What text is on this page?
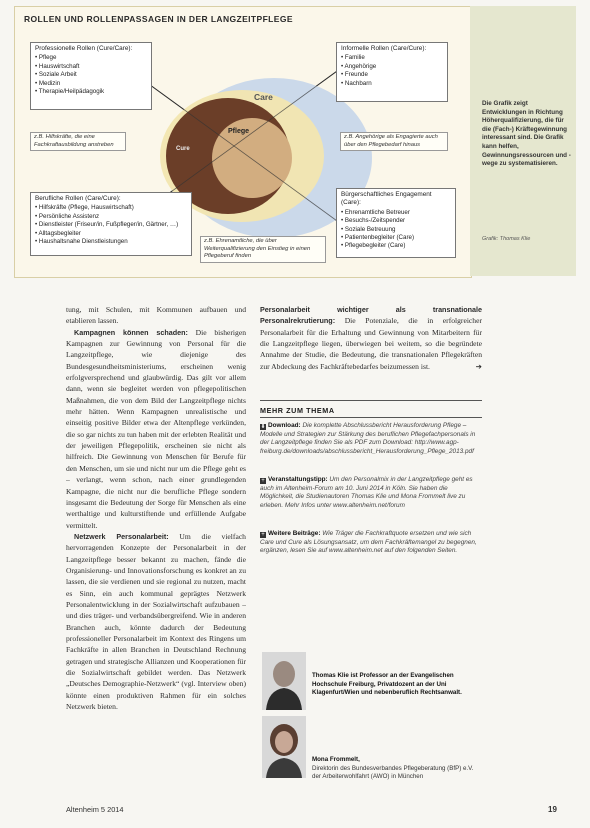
ROLLEN UND ROLLENPASSAGEN IN DER LANGZEITPFLEGE
Care
Pflege
Cure
Professionelle Rollen (Cure/Care):
• Pflege
• Hauswirtschaft
• Soziale Arbeit
• Medizin
• Therapie/Heilpädagogik
Informelle Rollen (Care/Cure):
• Familie
• Angehörige
• Freunde
• Nachbarn
Berufliche Rollen (Care/Cure):
• Hilfskräfte (Pflege, Hauswirtschaft)
• Persönliche Assistenz
• Dienstleister (Friseur/in, Fußpfleger/in, Gärtner, …)
• Alltagsbegleiter
• Haushaltsnahe Dienstleistungen
Bürgerschaftliches Engagement (Care):
• Ehrenamtliche Betreuer
• Besuchs-/Zeitspender
• Soziale Betreuung
• Patientenbegleiter (Care)
• Pflegebegleiter (Care)
z.B. Hilfskräfte, die eine Fachkraftausbildung anstreben
z.B. Angehörige als Engagierte auch über den Pflegebedarf hinaus
z.B. Ehrenamtliche, die über Weiterqualifizierung den Einstieg in einen Pflegeberuf finden
Die Grafik zeigt Entwicklungen in Richtung Höherqualifizierung, die für die (Fach-) Kräftegewinnung interessant sind. Die Grafik kann helfen, Gewinnungsressourcen und -wege zu systematisieren.
Grafik: Thomas Klie

tung, mit Schulen, mit Kommunen aufbauen und etablieren lassen.

Kampagnen können schaden: Die bisherigen Kampagnen zur Gewinnung von Personal für die Langzeitpflege, wie diejenige des Bundesgesundheitsministeriums, erscheinen wenig erfolgversprechend und glaubwürdig. Das gilt vor allem dann, wenn sie begleitet werden von pflegepolitischen Maßnahmen, die von dem Bild der Langzeitpflege nichts mehr hätten. Wenn Kampagnen unrealistische und einseitig positive Bilder etwa der Altenpflege verkünden, die so gar nichts zu tun haben mit der erlebten Realität und der jeweiligen Pflegepolitik, erscheinen sie nicht als hilfreich. Die Gewinnung von Menschen für Berufe für den Menschen, um sie und nicht nur um die Pflege geht es – verlangt, wenn schon, nach einer grundlegenden Kampagne, die nicht nur die berufliche Pflege sondern insgesamt die Bedeutung der Sorge für Menschen als eine werthaltige und kulturstiftende und erfüllende Aufgabe vermittelt.

Netzwerk Personalarbeit: Um die vielfach hervorragenden Konzepte der Personalarbeit in der Langzeitpflege besser bekannt zu machen, fände die Organisierung- und Innovationsforschung es konkret an zu lassen, die sie verdienen und sie regional zu nutzen, macht es Sinn, ein auch kommunal geprägtes Netzwerk Personalentwicklung in der Sozialwirtschaft aufzubauen – und dies träger- und verbandsübergreifend. Wie in anderen Branchen auch, könnte dadurch der Bedeutung professioneller Personalarbeit im Kontext des Ringens um Fachkräfte in allen Branchen in Deutschland Rechnung getragen und strategische Allianzen und Kooperationen für die Sozialwirtschaft gebildet werden. Das Netzwerk „Deutsches Demographie-Netzwerk“ (vgl. Interview oben) könnte einen produktiven Rahmen für ein solches Netzwerk bieten.

Personalarbeit wichtiger als transnationale Personalrekrutierung: Die Potenziale, die in erfolgreicher Personalarbeit für die Erhaltung und Gewinnung von Mitarbeitern für die Langzeitpflege liegen, überwiegen bei weitem, so die begründete Annahme der Studie, die Bedeutung, die transnationalen Pflegekräften zur Abdeckung des Fachkräftebedarfes beizumessen ist.	➔

MEHR ZUM THEMA
⬇ Download: Die komplette Abschlussbericht Herausforderung Pflege – Modelle und Strategien zur Stärkung des beruflichen Pflegefachpersonals in der Langzeitpflege finden Sie als PDF zum Download: http://www.agp-freiburg.de/downloads/abschlussbericht_Herausforderung_Pflege_2013.pdf
+ Veranstaltungstipp: Um den Personalmix in der Langzeitpflege geht es auch im Altenheim-Forum am 10. Juni 2014 in Köln. Sie haben die Möglichkeit, die Studienautoren Thomas Klie und Mona Frommelt live zu erleben. Mehr Infos unter www.altenheim.net/forum
+ Weitere Beiträge: Wie Träger die Fachkraftquote ersetzen und wie sich Care und Cure als Lösungsansatz, um dem Fachkräftemangel zu begegnen, ergänzen, lesen Sie auf www.altenheim.net auf den folgenden Seiten.
Thomas Klie ist Professor an der Evangelischen Hochschule Freiburg, Privatdozent an der Uni Klagenfurt/Wien und nebenberuflich Rechtsanwalt.
Mona Frommelt,
Direktorin des Bundesverbandes Pflegeberatung (BfP) e.V. der Arbeiterwohlfahrt (AWO) in München
Altenheim 5 2014	19
